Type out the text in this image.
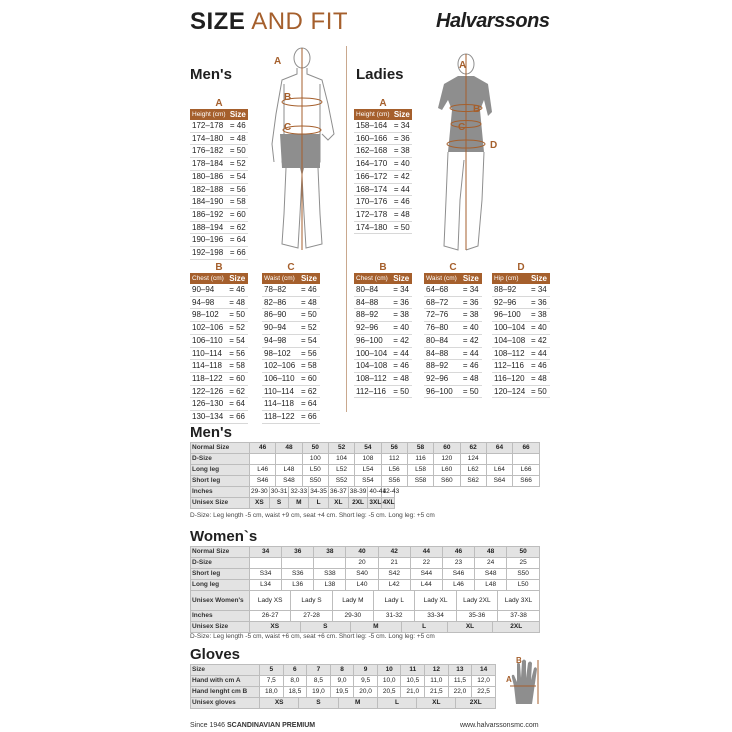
SIZE AND FIT	Halvarssons
A
B
C
A
B
C
D
Men's	Ladies
A
Height (cm)	Size
172–178	= 46
174–180	= 48
176–182	= 50
178–184	= 52
180–186	= 54
182–188	= 56
184–190	= 58
186–192	= 60
188–194	= 62
190–196	= 64
192–198	= 66
B
Chest (cm)	Size
90–94	= 46
94–98	= 48
98–102	= 50
102–106	= 52
106–110	= 54
110–114	= 56
114–118	= 58
118–122	= 60
122–126	= 62
126–130	= 64
130–134	= 66
C
Waist (cm)	Size
78–82	= 46
82–86	= 48
86–90	= 50
90–94	= 52
94–98	= 54
98–102	= 56
102–106	= 58
106–110	= 60
110–114	= 62
114–118	= 64
118–122	= 66
A
Height (cm)	Size
158–164	= 34
160–166	= 36
162–168	= 38
164–170	= 40
166–172	= 42
168–174	= 44
170–176	= 46
172–178	= 48
174–180	= 50
B
Chest (cm)	Size
80–84	= 34
84–88	= 36
88–92	= 38
92–96	= 40
96–100	= 42
100–104	= 44
104–108	= 46
108–112	= 48
112–116	= 50
C
Waist (cm)	Size
64–68	= 34
68–72	= 36
72–76	= 38
76–80	= 40
80–84	= 42
84–88	= 44
88–92	= 46
92–96	= 48
96–100	= 50
D
Hip (cm)	Size
88–92	= 34
92–96	= 36
96–100	= 38
100–104	= 40
104–108	= 42
108–112	= 44
112–116	= 46
116–120	= 48
120–124	= 50
Men's
Normal Size	46		48		50		52		54		56	58	60	62	64	66
D-Size					100		104		108		112	116	120	124		
Long leg	L46		L48		L50		L52		L54		L56	L58	L60	L62	L64	L66
Short leg	S46		S48		S50		S52		S54		S56	S58	S60	S62	S64	S66
Inches	29-30	30-31		32-33		34-35	36-37	38-39		40-41	42-43					
Unisex Size	XS	S		M		L	XL	2XL		3XL	4XL					
D-Size: Leg length -5 cm, waist +9 cm, seat +4 cm. Short leg: -5 cm. Long leg: +5 cm
Women`s
Normal Size	34	36			38		40			42		44		46			48			50
D-Size							20			21		22		23			24			25
Short leg	S34	S36			S38		S40			S42		S44		S46			S48			S50
Long leg	L34	L36			L38		L40			L42		L44		L46			L48			L50
Unisex Women's	Lady XS		Lady S			Lady M			Lady L				Lady XL			Lady 2XL			Lady 3XL	
Inches	26-27		27-28			29-30			31-32				33-34			35-36			37-38	
Unisex Size	XS			S				M			L				XL			2XL		
D-Size: Leg length -5 cm, waist +6 cm, seat +6 cm. Short leg: -5 cm. Long leg: +5 cm
Gloves
Size	5	6		7	8		9	10	11		12	13		14
Hand with cm A	7,5	8,0		8,5	9,0		9,5	10,0	10,5		11,0	11,5		12,0
Hand lenght cm B	18,0	18,5		19,0	19,5		20,0	20,5	21,0		21,5	22,0		22,5
Unisex gloves	XS		S			M		L		XL			2XL	
A
B
Since 1946 SCANDINAVIAN PREMIUM	www.halvarssonsmc.com
